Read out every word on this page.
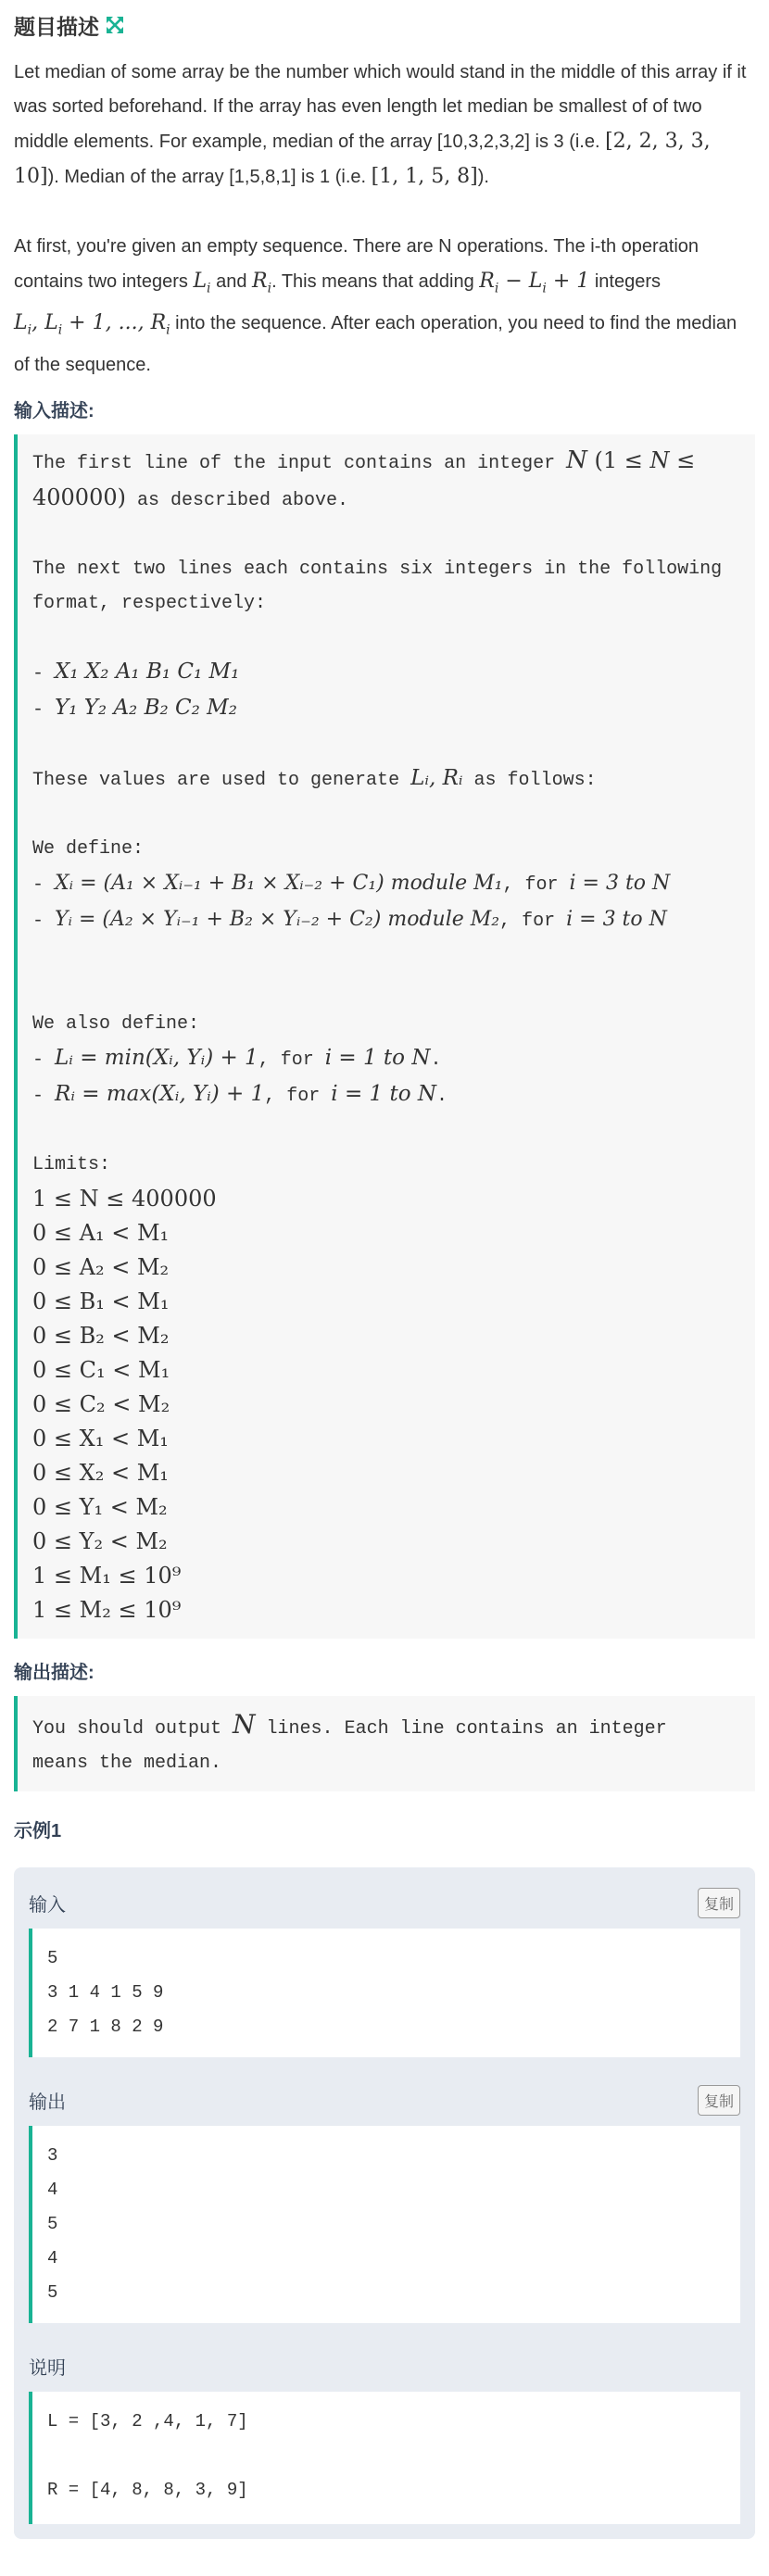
题目描述
Let median of some array be the number which would stand in the middle of this array if it was sorted beforehand. If the array has even length let median be smallest of of two middle elements. For example, median of the array [10,3,2,3,2] is 3 (i.e. [2, 2, 3, 3, 10]). Median of the array [1,5,8,1] is 1 (i.e. [1, 1, 5, 8]).
At first, you're given an empty sequence. There are N operations. The i-th operation contains two integers $L_i$ and $R_i$. This means that adding $R_i - L_i + 1$ integers
$L_i$, $L_i + 1$, ..., $R_i$ into the sequence. After each operation, you need to find the median of the sequence.
输入描述:
The first line of the input contains an integer N (1 ≤ N ≤
400000) as described above.
The next two lines each contains six integers in the following
format, respectively:
- X₁ X₂ A₁ B₁ C₁ M₁
- Y₁ Y₂ A₂ B₂ C₂ M₂
These values are used to generate Lᵢ, Rᵢ as follows:
We define:
- Xᵢ = (A₁ × Xᵢ₋₁ + B₁ × Xᵢ₋₂ + C₁) module M₁, for i = 3 to N
- Yᵢ = (A₂ × Yᵢ₋₁ + B₂ × Yᵢ₋₂ + C₂) module M₂, for i = 3 to N
We also define:
- Lᵢ = min(Xᵢ, Yᵢ) + 1, for i = 1 to N.
- Rᵢ = max(Xᵢ, Yᵢ) + 1, for i = 1 to N.
Limits:
1 ≤ N ≤ 400000
0 ≤ A₁ < M₁
0 ≤ A₂ < M₂
0 ≤ B₁ < M₁
0 ≤ B₂ < M₂
0 ≤ C₁ < M₁
0 ≤ C₂ < M₂
0 ≤ X₁ < M₁
0 ≤ X₂ < M₁
0 ≤ Y₁ < M₂
0 ≤ Y₂ < M₂
1 ≤ M₁ ≤ 10⁹
1 ≤ M₂ ≤ 10⁹
输出描述:
You should output N lines. Each line contains an integer
means the median.
示例1
输入	复制
5
3 1 4 1 5 9
2 7 1 8 2 9
输出	复制
3
4
5
4
5
说明
L = [3, 2 ,4, 1, 7]
R = [4, 8, 8, 3, 9]
